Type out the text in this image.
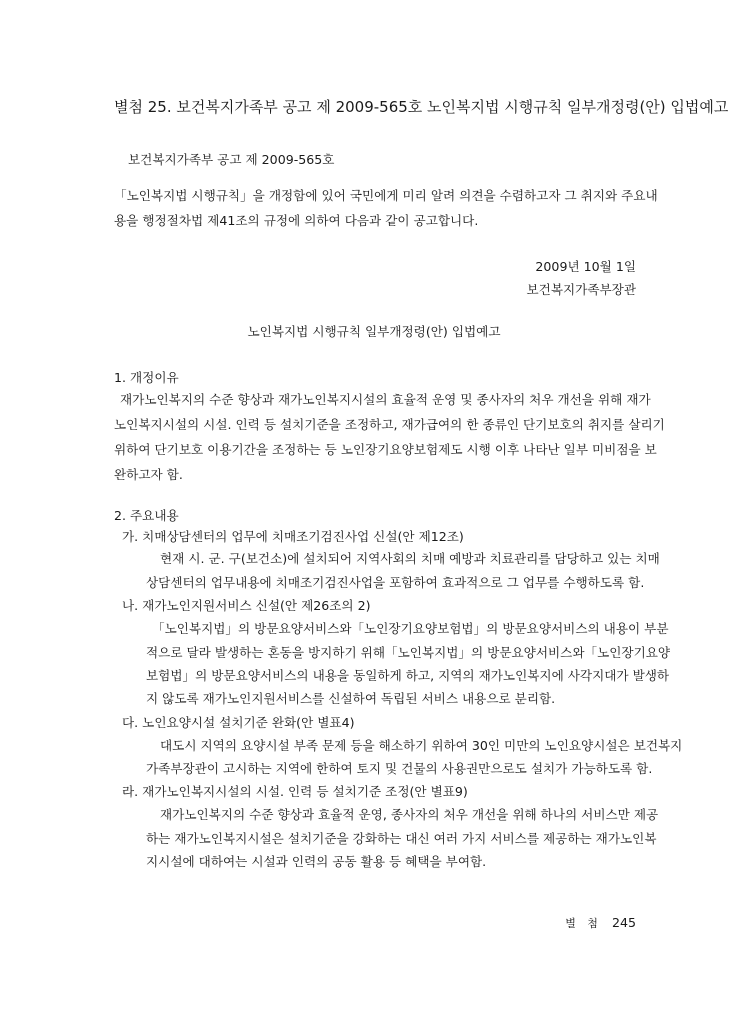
별첨 25. 보건복지가족부 공고 제 2009-565호 노인복지법 시행규칙 일부개정령(안) 입법예고
보건복지가족부 공고 제 2009-565호
「노인복지법 시행규칙」을 개정함에 있어 국민에게 미리 알려 의견을 수렴하고자 그 취지와 주요내
용을 행정절차법 제41조의 규정에 의하여 다음과 같이 공고합니다.
2009년 10월 1일
보건복지가족부장관
노인복지법 시행규칙 일부개정령(안) 입법예고
1. 개정이유
재가노인복지의 수준 향상과 재가노인복지시설의 효율적 운영 및 종사자의 처우 개선을 위해 재가
노인복지시설의 시설. 인력 등 설치기준을 조정하고, 재가급여의 한 종류인 단기보호의 취지를 살리기
위하여 단기보호 이용기간을 조정하는 등 노인장기요양보험제도 시행 이후 나타난 일부 미비점을 보
완하고자 함.
2. 주요내용
가. 치매상담센터의 업무에 치매조기검진사업 신설(안 제12조)
현재 시. 군. 구(보건소)에 설치되어 지역사회의 치매 예방과 치료관리를 담당하고 있는 치매
상담센터의 업무내용에 치매조기검진사업을 포함하여 효과적으로 그 업무를 수행하도록 함.
나. 재가노인지원서비스 신설(안 제26조의 2)
「노인복지법」의 방문요양서비스와「노인장기요양보험법」의 방문요양서비스의 내용이 부분
적으로 달라 발생하는 혼동을 방지하기 위해「노인복지법」의 방문요양서비스와「노인장기요양
보험법」의 방문요양서비스의 내용을 동일하게 하고, 지역의 재가노인복지에 사각지대가 발생하
지 않도록 재가노인지원서비스를 신설하여 독립된 서비스 내용으로 분리함.
다. 노인요양시설 설치기준 완화(안 별표4)
대도시 지역의 요양시설 부족 문제 등을 해소하기 위하여 30인 미만의 노인요양시설은 보건복지
가족부장관이 고시하는 지역에 한하여 토지 및 건물의 사용권만으로도 설치가 가능하도록 함.
라. 재가노인복지시설의 시설. 인력 등 설치기준 조정(안 별표9)
재가노인복지의 수준 향상과 효율적 운영, 종사자의 처우 개선을 위해 하나의 서비스만 제공
하는 재가노인복지시설은 설치기준을 강화하는 대신 여러 가지 서비스를 제공하는 재가노인복
지시설에 대하여는 시설과 인력의 공동 활용 등 혜택을 부여함.
별 첨 245
